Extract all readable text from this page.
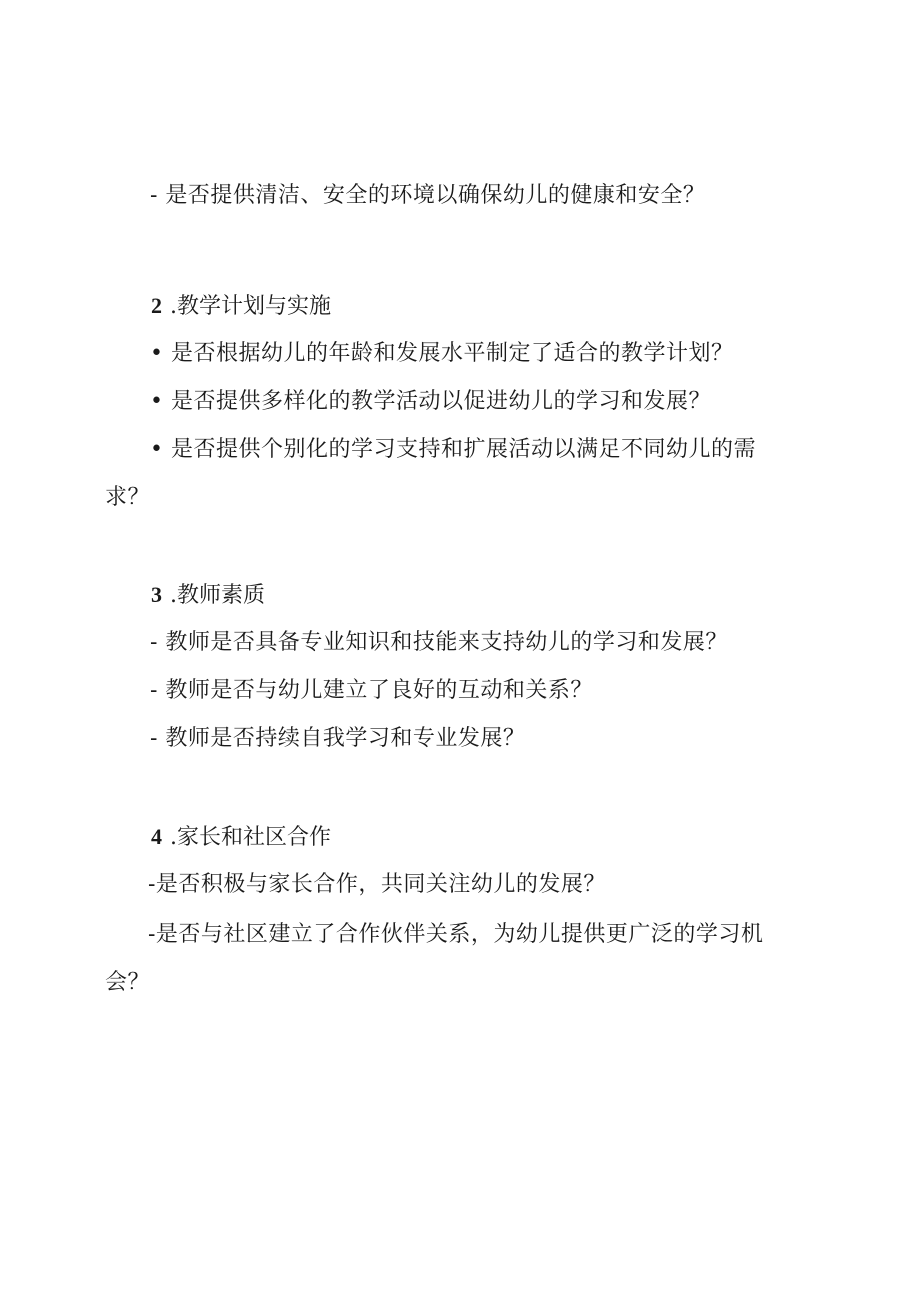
- 是否提供清洁、安全的环境以确保幼儿的健康和安全？
2 .教学计划与实施
• 是否根据幼儿的年龄和发展水平制定了适合的教学计划？
• 是否提供多样化的教学活动以促进幼儿的学习和发展？
• 是否提供个别化的学习支持和扩展活动以满足不同幼儿的需
求？
3 .教师素质
- 教师是否具备专业知识和技能来支持幼儿的学习和发展？
- 教师是否与幼儿建立了良好的互动和关系？
- 教师是否持续自我学习和专业发展？
4 .家长和社区合作
-是否积极与家长合作，共同关注幼儿的发展？
-是否与社区建立了合作伙伴关系，为幼儿提供更广泛的学习机
会？
